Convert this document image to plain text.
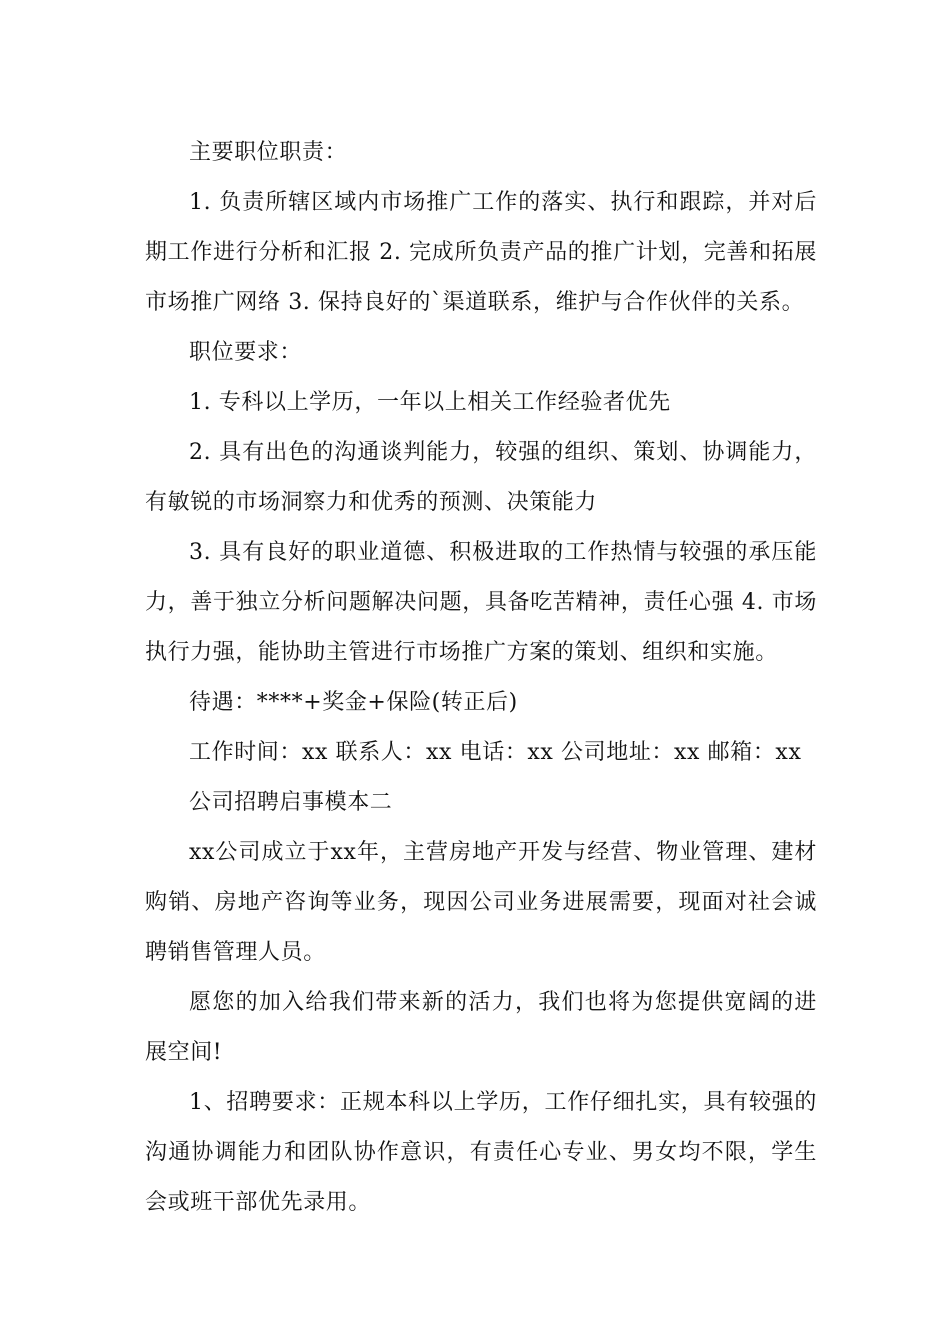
主要职位职责：

1. 负责所辖区域内市场推广工作的落实、执行和跟踪，并对后期工作进行分析和汇报 2. 完成所负责产品的推广计划，完善和拓展市场推广网络 3. 保持良好的`渠道联系，维护与合作伙伴的关系。

职位要求：

1. 专科以上学历，一年以上相关工作经验者优先

2. 具有出色的沟通谈判能力，较强的组织、策划、协调能力，有敏锐的市场洞察力和优秀的预测、决策能力

3. 具有良好的职业道德、积极进取的工作热情与较强的承压能力，善于独立分析问题解决问题，具备吃苦精神，责任心强 4. 市场执行力强，能协助主管进行市场推广方案的策划、组织和实施。

待遇：****+奖金+保险(转正后)

工作时间：xx 联系人：xx 电话：xx 公司地址：xx 邮箱：xx

公司招聘启事模本二

xx公司成立于xx年，主营房地产开发与经营、物业管理、建材购销、房地产咨询等业务，现因公司业务进展需要，现面对社会诚聘销售管理人员。

愿您的加入给我们带来新的活力，我们也将为您提供宽阔的进展空间!

1、招聘要求：正规本科以上学历，工作仔细扎实，具有较强的沟通协调能力和团队协作意识，有责任心专业、男女均不限，学生会或班干部优先录用。
